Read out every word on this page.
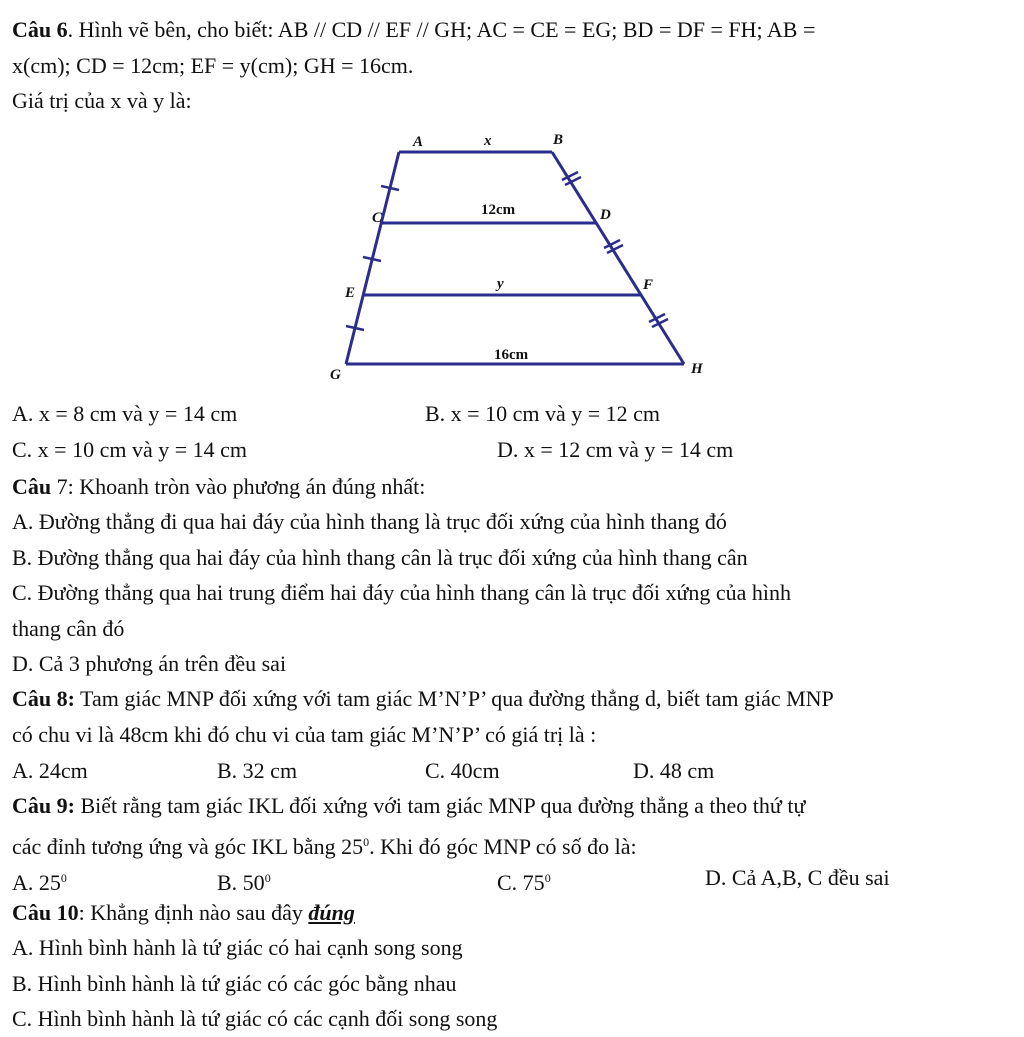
Câu 6. Hình vẽ bên, cho biết: AB // CD // EF // GH; AC = CE = EG; BD = DF = FH; AB =
x(cm); CD = 12cm; EF = y(cm); GH = 16cm.
Giá trị của x và y là:
A	B
C	D
E	F
G	H
x
12cm
y
16cm
A. x = 8 cm và y = 14 cm	B. x = 10 cm và y = 12 cm
C. x = 10 cm và y = 14 cm	D. x = 12 cm và y = 14 cm
Câu 7: Khoanh tròn vào phương án đúng nhất:
A. Đường thẳng đi qua hai đáy của hình thang là trục đối xứng của hình thang đó
B. Đường thẳng qua hai đáy của hình thang cân là trục đối xứng của hình thang cân
C. Đường thẳng qua hai trung điểm hai đáy của hình thang cân là trục đối xứng của hình
thang cân đó
D. Cả 3 phương án trên đều sai
Câu 8: Tam giác MNP đối xứng với tam giác M’N’P’ qua đường thẳng d, biết tam giác MNP
có chu vi là 48cm khi đó chu vi của tam giác M’N’P’ có giá trị là :
A. 24cm	B. 32 cm	C. 40cm	D. 48 cm
Câu 9: Biết rằng tam giác IKL đối xứng với tam giác MNP qua đường thẳng a theo thứ tự
các đỉnh tương ứng và góc IKL bằng $25^0$. Khi đó góc MNP có số đo là:
A. $25^0$	B. $50^0$	C. $75^0$	D. Cả A,B, C đều sai
Câu 10: Khẳng định nào sau đây đúng
A. Hình bình hành là tứ giác có hai cạnh song song
B. Hình bình hành là tứ giác có các góc bằng nhau
C. Hình bình hành là tứ giác có các cạnh đối song song
